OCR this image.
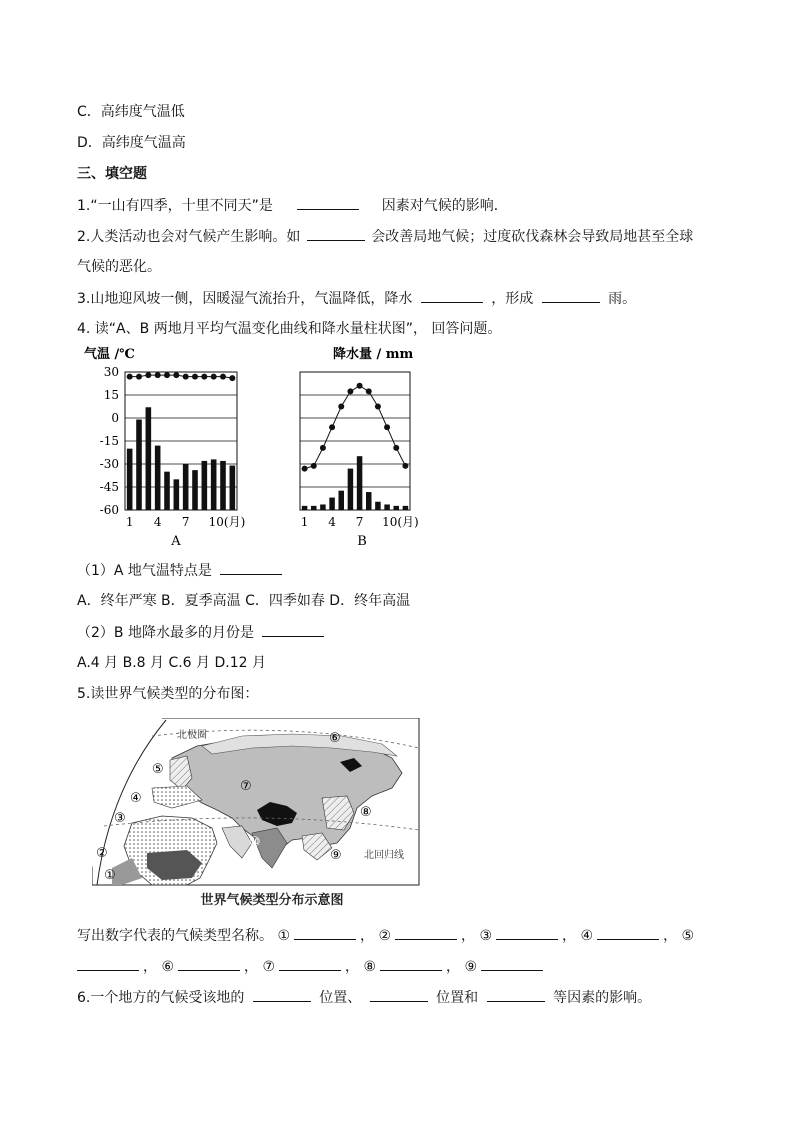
C．高纬度气温低
D．高纬度气温高
三、填空题
1.“一山有四季，十里不同天”是	因素对气候的影响．
2.人类活动也会对气候产生影响。如	会改善局地气候；过度砍伐森林会导致局地甚至全球
气候的恶化。
3.山地迎风坡一侧，因暖湿气流抬升，气温降低，降水	，形成	雨。
4. 读“A、B 两地月平均气温变化曲线和降水量柱状图”， 回答问题。
气温 /℃
30
15
0
-15
-30
-45
-60
1 4 7 10(月)
A
降水量 / mm
1 4 7 10(月)
B
（1）A 地气温特点是
A．终年严寒 B．夏季高温 C．四季如春 D．终年高温
（2）B 地降水最多的月份是
A.4 月 B.8 月 C.6 月 D.12 月
5.读世界气候类型的分布图：
北极圈
北回归线
⑥
⑤
⑦
④
⑧
③
⑩
②	⑨
①
世界气候类型分布示意图
写出数字代表的气候类型名称。 ①	， ②	， ③	， ④	， ⑤
， ⑥	， ⑦	， ⑧	， ⑨
6.一个地方的气候受该地的	位置、	位置和	等因素的影响。
